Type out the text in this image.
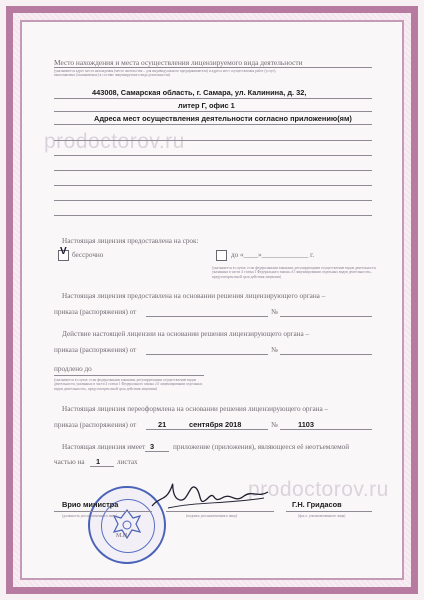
prodoctorov.ru
prodoctorov.ru
Место нахождения и места осуществления лицензируемого вида деятельности
(указываются адрес места нахождения (место жительства – для индивидуального предпринимателя) и адреса мест осуществления работ (услуг),
выполняемых (оказываемых) в составе лицензируемого вида деятельности)
443008, Самарская область, г. Самара, ул. Калинина, д. 32,
литер Г, офис 1
Адреса мест осуществления деятельности согласно приложению(ям)
Настоящая лицензия предоставлена на срок:
V бессрочно	до «____»_____________ г.
(указывается в случае, если федеральными законами, регулирующими осуществление видов деятельности, указанных в части 4 статьи 1 Федерального закона «О лицензировании отдельных видов деятельности», предусмотрен иной срок действия лицензии)
Настоящая лицензия предоставлена на основании решения лицензирующего органа –
приказа (распоряжения) от	№
Действие настоящей лицензии на основании решения лицензирующего органа –
приказа (распоряжения) от	№
продлено до
(указывается в случае, если федеральными законами, регулирующими осуществление видов деятельности, указанных в части 4 статьи 1 Федерального закона «О лицензировании отдельных видов деятельности», предусмотрен иной срок действия лицензии)
Настоящая лицензия переоформлена на основании решения лицензирующего органа –
приказа (распоряжения) от	21	сентября 2018	№	1103
Настоящая лицензия имеет 3	приложение (приложения), являющееся её неотъемлемой
частью на 1 листах
Врио министра	Г.Н. Гридасов
(должность уполномоченного лица)	(подпись уполномоченного лица)	(ф.и.о. уполномоченного лица)
М.П.
